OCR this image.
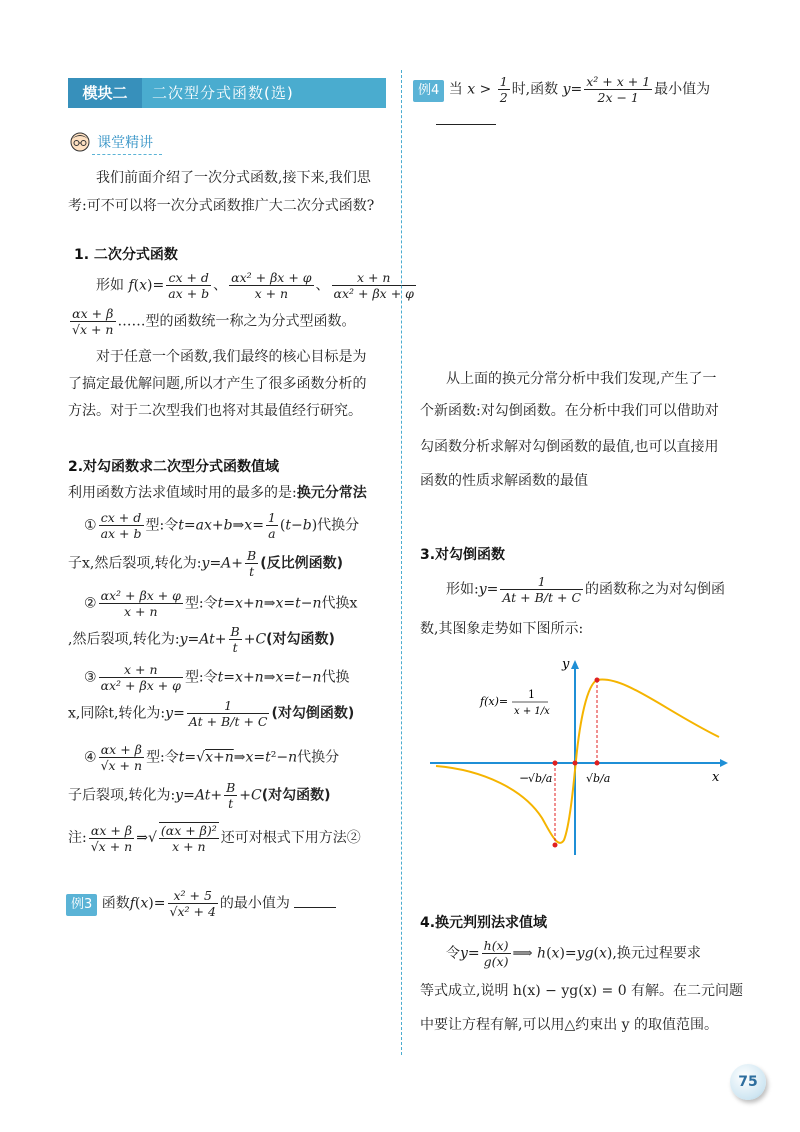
模块二	二次型分式函数(选)
课堂精讲
我们前面介绍了一次分式函数,接下来,我们思
考:可不可以将一次分式函数推广大二次分式函数?
1. 二次分式函数
形如 $f(x)= \frac{cx + d}{ax + b}$ 、 $\frac{\text{αx² + βx + φ}}{x + n}$ 、 $\frac{x + n}{\text{αx² + βx + φ}}$
$\frac{\alpha x + \beta}{√x + n}$ ……型的函数统一称之为分式型函数。
对于任意一个函数,我们最终的核心目标是为
了搞定最优解问题,所以才产生了很多函数分析的
方法。对于二次型我们也将对其最值经行研究。
2.对勾函数求二次型分式函数值域
利用函数方法求值域时用的最多的是:换元分常法
① $\frac{cx + d}{ax + b}$ 型:令t=ax+b⇒x= $\frac{1}{a} (t-b)$代换分
子x,然后裂项,转化为:y=A+ $\frac{B}{t}$ (反比例函数)
② $\frac{\text{αx² + βx + φ}}{x + n}$ 型:令t=x+n⇒x=t−n代换x
,然后裂项,转化为:y=At+ $\frac{B}{t} +C$(对勾函数)
③ $\frac{x + n}{\text{αx² + βx + φ}}$ 型:令t=x+n⇒x=t−n代换
x,同除t,转化为:y= $\frac{1}{At + B/t + C}$ (对勾倒函数)
④ $\frac{\alpha x + \beta}{√x + n}$ 型:令t=√x+n⇒x=t²−n代换分
子后裂项,转化为:y=At+ $\frac{B}{t} +C$(对勾函数)
注: $\frac{\alpha x + \beta}{√x + n}$ ⇒√ $\frac{\text{(αx + β)²}}{x + n}$ 还可对根式下用方法②
例3 函数$f(x)= \frac{\text{x² + 5}}{\text{√x² + 4}}$ 的最小值为
例4 当 $x > \frac{1}{2}$ 时,函数 $y= \frac{\text{x² + x + 1}}{2x - 1}$ 最小值为
从上面的换元分常分析中我们发现,产生了一
个新函数:对勾倒函数。在分析中我们可以借助对
勾函数分析求解对勾倒函数的最值,也可以直接用
函数的性质求解函数的最值
3.对勾倒函数
形如:y= $\frac{1}{At + B/t + C}$ 的函数称之为对勾倒函
数,其图象走势如下图所示:
y
x
f(x)=
1
x + 1/x
−
√b/a	√b/a
4.换元判别法求值域
令$y= \frac{h(x)}{g(x)}$ ⟹ h(x)=yg(x),换元过程要求
等式成立,说明 h(x) − yg(x) = 0 有解。在二元问题
中要让方程有解,可以用△约束出 y 的取值范围。
75
